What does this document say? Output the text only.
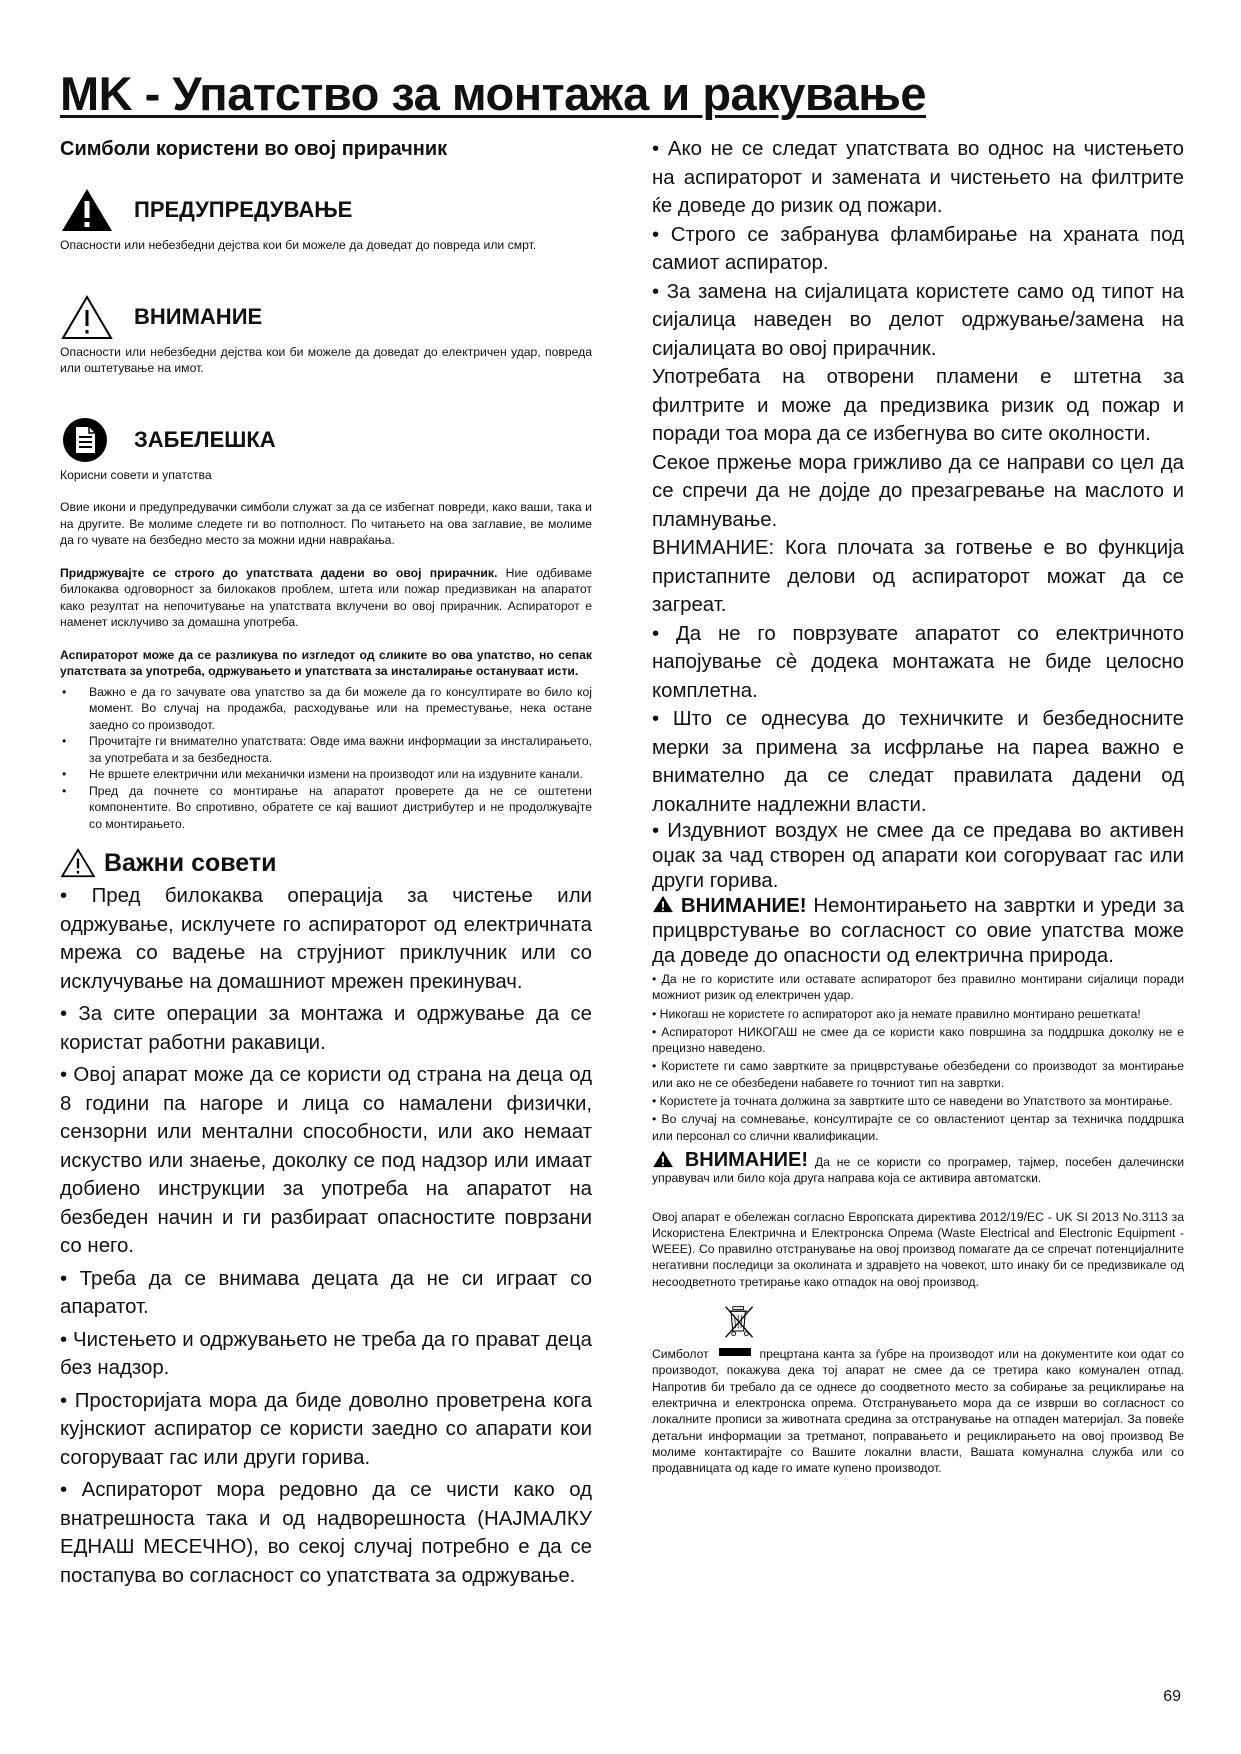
MK - Упатство за монтажа и ракување
Симболи користени во овој прирачник
ПРЕДУПРЕДУВАЊЕ

Опасности или небезбедни дејства кои би можеле да доведат до повреда или смрт.

ВНИМАНИЕ

Опасности или небезбедни дејства кои би можеле да доведат до електричен удар, повреда или оштетување на имот.

ЗАБЕЛЕШКА

Корисни совети и упатства

Овие икони и предупредувачки симболи служат за да се избегнат повреди, како ваши, така и на другите. Ве молиме следете ги во потполност. По читањето на ова заглавие, ве молиме да го чувате на безбедно место за можни идни навраќања.

Придржувајте се строго до упатствата дадени во овој прирачник. Ние одбиваме билокаква одговорност за билокаков проблем, штета или пожар предизвикан на апаратот како резултат на непочитување на упатствата вклучени во овој прирачник. Аспираторот е наменет исклучиво за домашна употреба.

Аспираторот може да се разликува по изгледот од сликите во ова упатство, но сепак упатствата за употреба, одржувањето и упатствата за инсталирање остануваат исти.

• Важно е да го зачувате ова упатство за да би можеле да го консултирате во било кој момент. Во случај на продажба, расходување или на преместување, нека остане заедно со производот.
• Прочитајте ги внимателно упатствата: Овде има важни информации за инсталирањето, за употребата и за безбедноста.
• Не вршете електрични или механички измени на производот или на издувните канали.
• Пред да почнете со монтирање на апаратот проверете да не се оштетени компонентите. Во спротивно, обратете се кај вашиот дистрибутер и не продолжувајте со монтирањето.
Важни совети

• Пред билокаква операција за чистење или одржување, исклучете го аспираторот од електричната мрежа со вадење на струјниот приклучник или со исклучување на домашниот мрежен прекинувач.

• За сите операции за монтажа и одржување да се користат работни ракавици.

• Овој апарат може да се користи од страна на деца од 8 години па нагоре и лица со намалени физички, сензорни или ментални способности, или ако немаат искуство или знаење, доколку се под надзор или имаат добиено инструкции за употреба на апаратот на безбеден начин и ги разбираат опасностите поврзани со него.

• Треба да се внимава децата да не си играат со апаратот.

• Чистењето и одржувањето не треба да го прават деца без надзор.

• Просторијата мора да биде доволно проветрена кога кујнскиот аспиратор се користи заедно со апарати кои согоруваат гас или други горива.

• Аспираторот мора редовно да се чисти како од внатрешноста така и од надворешноста (НАЈМАЛКУ ЕДНАШ МЕСЕЧНО), во секој случај потребно е да се постапува во согласност со упатствата за одржување.

• Ако не се следат упатствата во однос на чистењето на аспираторот и замената и чистењето на филтрите ќе доведе до ризик од пожари.

• Строго се забранува фламбирање на храната под самиот аспиратор.

• За замена на сијалицата користете само од типот на сијалица наведен во делот одржување/замена на сијалицата во овој прирачник.

Употребата на отворени пламени е штетна за филтрите и може да предизвика ризик од пожар и поради тоа мора да се избегнува во сите околности.

Секое пржење мора грижливо да се направи со цел да се спречи да не дојде до презагревање на маслото и пламнување.

ВНИМАНИЕ: Кога плочата за готвење е во функција пристапните делови од аспираторот можат да се загреат.

• Да не го поврзувате апаратот со електричното напојување сè додека монтажата не биде целосно комплетна.

• Што се однесува до техничките и безбедносните мерки за примена за исфрлање на пареа важно е внимателно да се следат правилата дадени од локалните надлежни власти.

• Издувниот воздух не смее да се предава во активен оџак за чад створен од апарати кои согоруваат гас или други горива.

ВНИМАНИЕ! Немонтирањето на завртки и уреди за прицврстување во согласност со овие упатства може да доведе до опасности од електрична природа.

• Да не го користите или оставате аспираторот без правилно монтирани сијалици поради можниот ризик од електричен удар.

• Никогаш не користете го аспираторот ако ја немате правилно монтирано решетката!

• Аспираторот НИКОГАШ не смее да се користи како површина за поддршка доколку не е прецизно наведено.

• Користете ги само завртките за прицврстување обезбедени со производот за монтирање или ако не се обезбедени набавете го точниот тип на завртки.

• Користете ја точната должина за завртките што се наведени во Упатството за монтирање.

• Во случај на сомневање, консултирајте се со овластениот центар за техничка поддршка или персонал со слични квалификации.

ВНИМАНИЕ! Да не се користи со програмер, тајмер, посебен далечински управувач или било која друга направа која се активира автоматски.

Овој апарат е обележан согласно Европската директива 2012/19/EC - UK SI 2013 No.3113 за Искористена Електрична и Електронска Опрема (Waste Electrical and Electronic Equipment - WEEE). Со правилно отстранување на овој производ помагате да се спречат потенцијалните негативни последици за околината и здравјето на човекот, што инаку би се предизвикале од несоодветното третирање како отпадок на овој производ.

Симболот	прецртана канта за ѓубре на производот или на документите кои одат со производот, покажува дека тој апарат не смее да се третира како комунален отпад. Напротив би требало да се однесе до соодветното место за собирање за рециклирање на електрична и електронска опрема. Отстранувањето мора да се изврши во согласност со локалните прописи за животната средина за отстранување на отпаден материјал. За повеќе детаљни информации за третманот, поправањето и рециклирањето на овој производ Ве молиме контактирајте со Вашите локални власти, Вашата комунална служба или со продавницата од каде го имате купено производот.

69
